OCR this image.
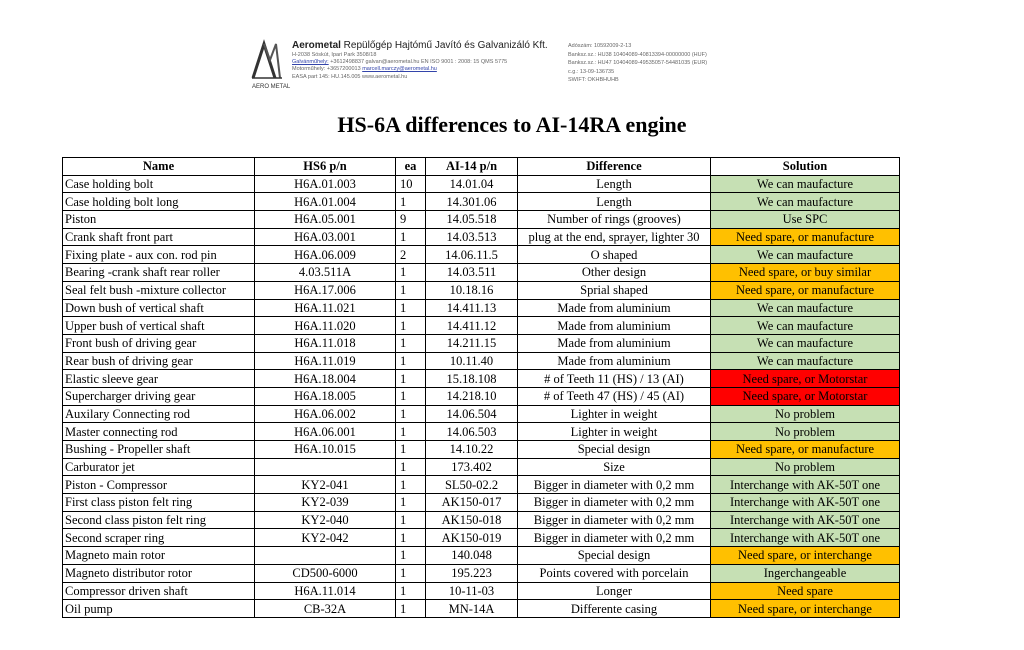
AERO METAL
Aerometal Repülőgép Hajtómű Javító és Galvanizáló Kft.
H-2038 Sóskút, Ipari Park 3508/18
Galvánműhely: +3612498837 galvan@aerometal.hu EN ISO 9001 : 2008: 15 QMS 5775
Motorműhely: +3657200013 marcell.marczy@aerometal.hu
EASA part 145: HU.145.005 www.aerometal.hu
Adószám: 10592009-2-13
Banksz.sz.: HU38 10404089-40813394-00000000 (HUF)
Banksz.sz.: HU47 10404089-49535057-54481035 (EUR)
c.g.: 13-09-136735
SWIFT: OKHBHUHB
HS-6A differences to AI-14RA engine
Name	HS6 p/n	ea	AI-14 p/n	Difference	Solution
Case holding bolt	H6A.01.003	10	14.01.04	Length	We can maufacture
Case holding bolt long	H6A.01.004	1	14.301.06	Length	We can maufacture
Piston	H6A.05.001	9	14.05.518	Number of rings (grooves)	Use SPC
Crank shaft front part	H6A.03.001	1	14.03.513	plug at the end, sprayer, lighter 30	Need spare, or manufacture
Fixing plate - aux con. rod pin	H6A.06.009	2	14.06.11.5	O shaped	We can maufacture
Bearing -crank shaft rear roller	4.03.511A	1	14.03.511	Other design	Need spare, or buy similar
Seal felt bush -mixture collector	H6A.17.006	1	10.18.16	Sprial shaped	Need spare, or manufacture
Down bush of vertical shaft	H6A.11.021	1	14.411.13	Made from aluminium	We can maufacture
Upper bush of vertical shaft	H6A.11.020	1	14.411.12	Made from aluminium	We can maufacture
Front bush of driving gear	H6A.11.018	1	14.211.15	Made from aluminium	We can maufacture
Rear bush of driving gear	H6A.11.019	1	10.11.40	Made from aluminium	We can maufacture
Elastic sleeve gear	H6A.18.004	1	15.18.108	# of Teeth 11 (HS) / 13 (AI)	Need spare, or Motorstar
Supercharger driving gear	H6A.18.005	1	14.218.10	# of Teeth 47 (HS) / 45 (AI)	Need spare, or Motorstar
Auxilary Connecting rod	H6A.06.002	1	14.06.504	Lighter in weight	No problem
Master connecting rod	H6A.06.001	1	14.06.503	Lighter in weight	No problem
Bushing - Propeller shaft	H6A.10.015	1	14.10.22	Special design	Need spare, or manufacture
Carburator jet		1	173.402	Size	No problem
Piston - Compressor	KY2-041	1	SL50-02.2	Bigger in diameter with 0,2 mm	Interchange with AK-50T one
First class piston felt ring	KY2-039	1	AK150-017	Bigger in diameter with 0,2 mm	Interchange with AK-50T one
Second class piston felt ring	KY2-040	1	AK150-018	Bigger in diameter with 0,2 mm	Interchange with AK-50T one
Second scraper ring	KY2-042	1	AK150-019	Bigger in diameter with 0,2 mm	Interchange with AK-50T one
Magneto main rotor		1	140.048	Special design	Need spare, or interchange
Magneto distributor rotor	CD500-6000	1	195.223	Points covered with porcelain	Ingerchangeable
Compressor driven shaft	H6A.11.014	1	10-11-03	Longer	Need spare
Oil pump	CB-32A	1	MN-14A	Differente casing	Need spare, or interchange
